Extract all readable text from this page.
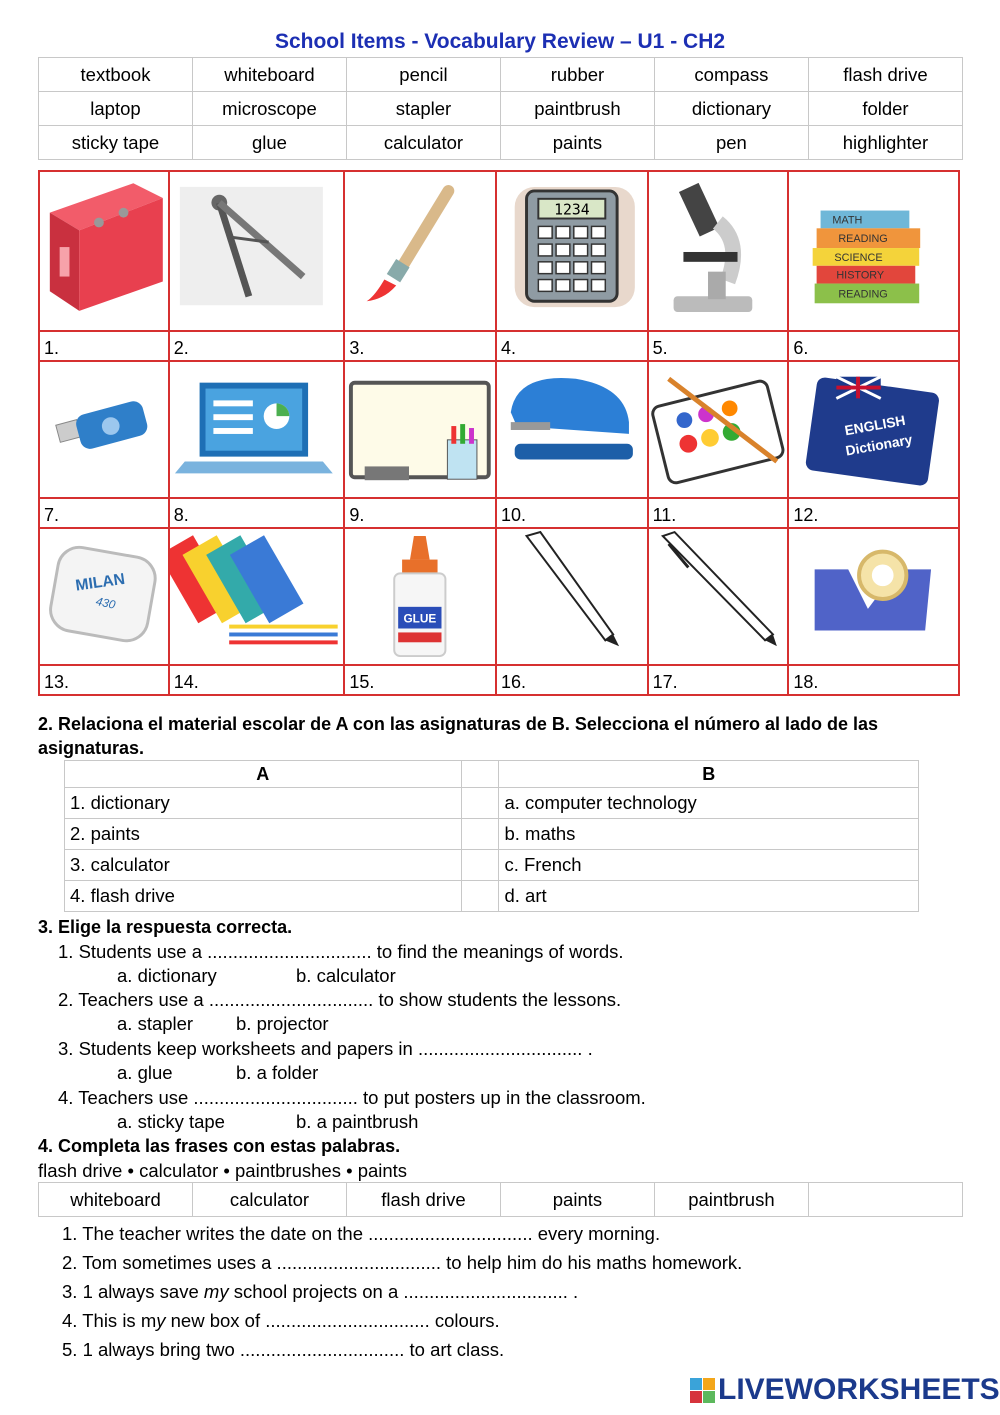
School Items - Vocabulary Review – U1 - CH2
textbook	whiteboard	pencil	rubber	compass	flash drive
laptop	microscope	stapler	paintbrush	dictionary	folder
sticky tape	glue	calculator	paints	pen	highlighter

1234		MATH
READING
SCIENCE
HISTORY
READING

1.	2.	3.	4.	5.	6.

ENGLISH
Dictionary

7.	8.	9.	10.	11.	12.

MILAN
430		GLUE

13.	14.	15.	16.	17.	18.
2. Relaciona el material escolar de A con las asignaturas de B. Selecciona el número al lado de las
asignaturas.
A		B
1. dictionary		a. computer technology
2. paints		b. maths
3. calculator		c. French
4. flash drive		d. art
3. Elige la respuesta correcta.
1. Students use a ................................ to find the meanings of words.
a. dictionary	b. calculator
2. Teachers use a ................................ to show students the lessons.
a. stapler b. projector
3. Students keep worksheets and papers in ................................ .
a. glue	b. a folder
4. Teachers use ................................ to put posters up in the classroom.
a. sticky tape	b. a paintbrush
4. Completa las frases con estas palabras.
flash drive • calculator • paintbrushes • paints
whiteboard	calculator	flash drive	paints	paintbrush	
1. The teacher writes the date on the ................................ every morning.
2. Tom sometimes uses a ................................ to help him do his maths homework.
3. 1 always save my school projects on a ................................ .
4. This is my new box of ................................ colours.
5. 1 always bring two ................................ to art class.
LIVEWORKSHEETS
